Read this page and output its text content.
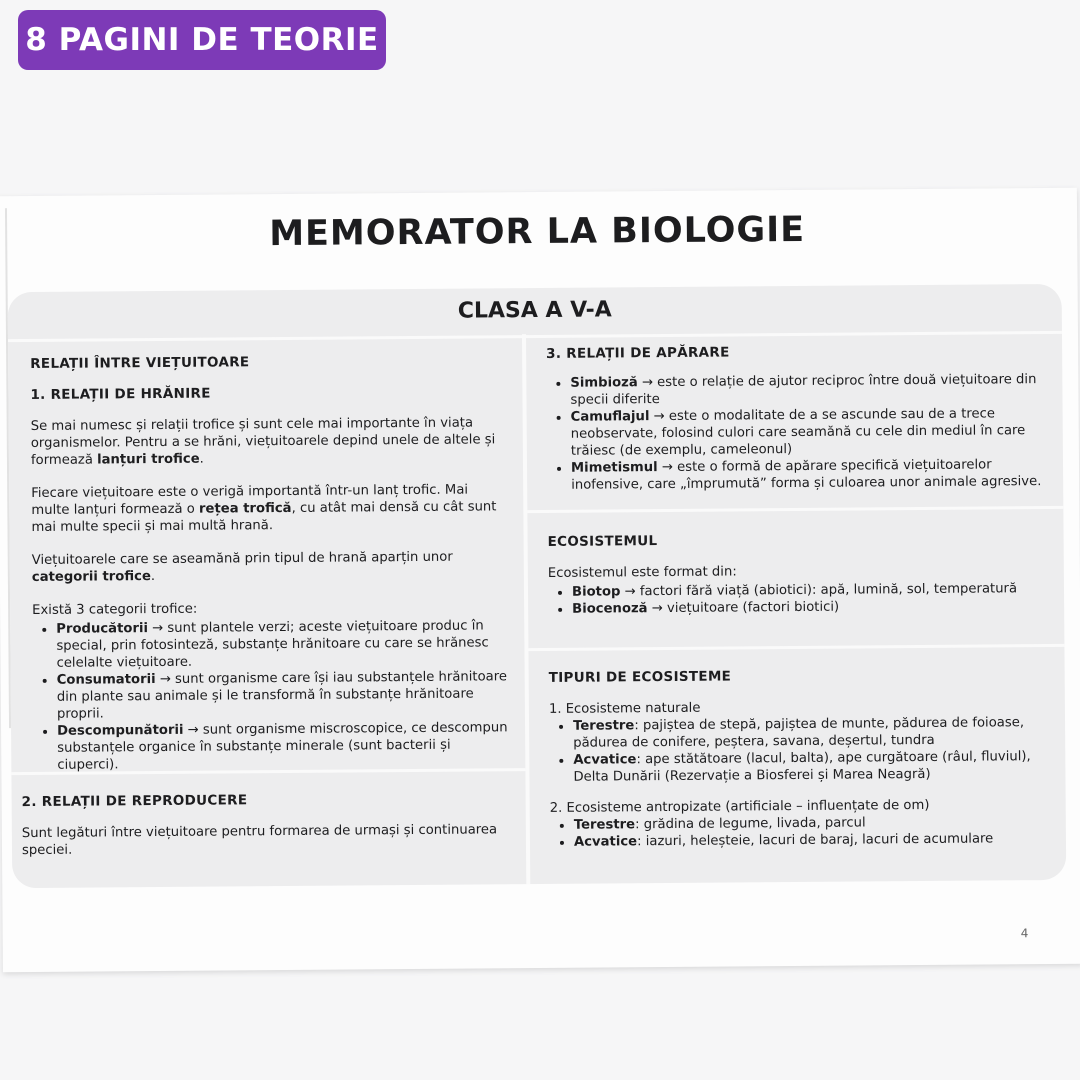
8 PAGINI DE TEORIE
MEMORATOR LA BIOLOGIE
CLASA A V-A
RELAȚII ÎNTRE VIEȚUITOARE
1. RELAȚII DE HRĂNIRE

Se mai numesc și relații trofice și sunt cele mai importante în viața organismelor. Pentru a se hrăni, viețuitoarele depind unele de altele și formează lanțuri trofice.

Fiecare viețuitoare este o verigă importantă într-un lanț trofic. Mai multe lanțuri formează o rețea trofică, cu atât mai densă cu cât sunt mai multe specii și mai multă hrană.

Viețuitoarele care se aseamănă prin tipul de hrană aparțin unor categorii trofice.

Există 3 categorii trofice:
• Producătorii → sunt plantele verzi; aceste viețuitoare produc în special, prin fotosinteză, substanțe hrănitoare cu care se hrănesc celelalte viețuitoare.
• Consumatorii → sunt organisme care își iau substanțele hrănitoare din plante sau animale și le transformă în substanțe hrănitoare proprii.
• Descompunătorii → sunt organisme miscroscopice, ce descompun substanțele organice în substanțe minerale (sunt bacterii și ciuperci).
2. RELAȚII DE REPRODUCERE

Sunt legături între viețuitoare pentru formarea de urmași și continuarea speciei.

3. RELAȚII DE APĂRARE
• Simbioză → este o relație de ajutor reciproc între două viețuitoare din specii diferite
• Camuflajul → este o modalitate de a se ascunde sau de a trece neobservate, folosind culori care seamănă cu cele din mediul în care trăiesc (de exemplu, cameleonul)
• Mimetismul → este o formă de apărare specifică viețuitoarelor inofensive, care „împrumută” forma și culoarea unor animale agresive.
ECOSISTEMUL
Ecosistemul este format din:
• Biotop → factori fără viață (abiotici): apă, lumină, sol, temperatură
• Biocenoză → viețuitoare (factori biotici)
TIPURI DE ECOSISTEME
1. Ecosisteme naturale
• Terestre: pajiștea de stepă, pajiștea de munte, pădurea de foioase, pădurea de conifere, peștera, savana, deșertul, tundra
• Acvatice: ape stătătoare (lacul, balta), ape curgătoare (râul, fluviul), Delta Dunării (Rezervație a Biosferei și Marea Neagră)
2. Ecosisteme antropizate (artificiale – influențate de om)
• Terestre: grădina de legume, livada, parcul
• Acvatice: iazuri, heleșteie, lacuri de baraj, lacuri de acumulare
4
